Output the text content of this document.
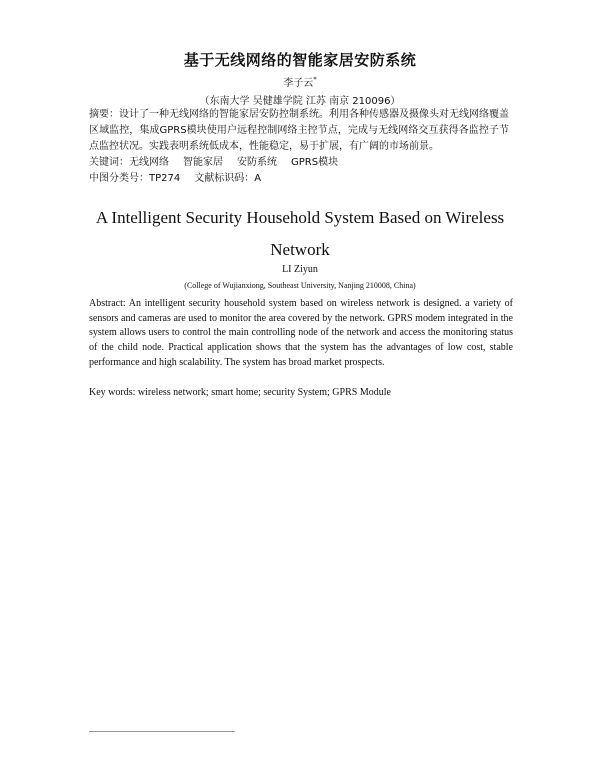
基于无线网络的智能家居安防系统
李子云*
（东南大学 吴健雄学院 江苏 南京 210096）
摘要：设计了一种无线网络的智能家居安防控制系统。利用各种传感器及摄像头对无线网络覆盖区域监控，集成GPRS模块使用户远程控制网络主控节点，完成与无线网络交互获得各监控子节点监控状况。实践表明系统低成本，性能稳定，易于扩展，有广阔的市场前景。
关键词：无线网络 智能家居 安防系统 GPRS模块
中图分类号：TP274 文献标识码：A
A Intelligent Security Household System Based on Wireless Network
LI Ziyun
(College of Wujianxiong, Southeast University, Nanjing 210008, China)
Abstract: An intelligent security household system based on wireless network is designed. a variety of sensors and cameras are used to monitor the area covered by the network. GPRS modem integrated in the system allows users to control the main controlling node of the network and access the monitoring status of the child node. Practical application shows that the system has the advantages of low cost, stable performance and high scalability. The system has broad market prospects.
Key words: wireless network; smart home; security System; GPRS Module
